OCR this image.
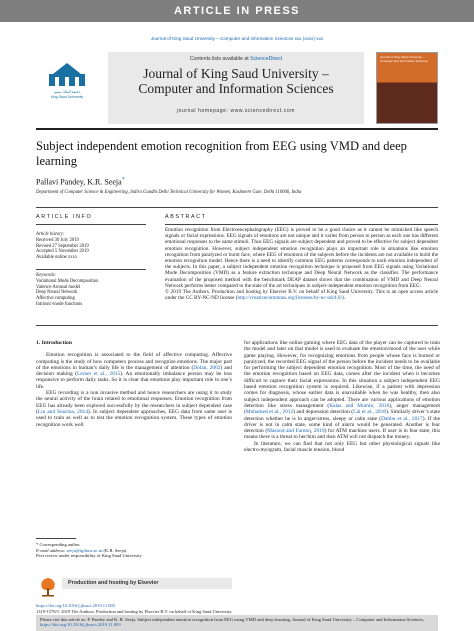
ARTICLE IN PRESS
Journal of King Saud University – Computer and Information Sciences xxx (xxxx) xxx
جامعة الملك سعود
King Saud University
Contents lists available at ScienceDirect
Journal of King Saud University –
Computer and Information Sciences
journal homepage: www.sciencedirect.com
Journal of King Saud University – Computer and Information Sciences
Subject independent emotion recognition from EEG using VMD and deep learning
Pallavi Pandey, K.R. Seeja*
Department of Computer Science & Engineering, Indira Gandhi Delhi Technical University for Women, Kashmere Gate, Delhi 110006, India
ARTICLE INFO	ABSTRACT
Article history:
Received 30 July 2019
Revised 27 September 2019
Accepted 5 November 2019
Available online xxxx
Keywords:
Variational Mode Decomposition
Valence-Arousal model
Deep Neural Network
Affective computing
Intrinsic-mode functions
Emotion recognition from Electroencephalography (EEG) is proved to be a good choice as it cannot be mimicked like speech signals or facial expressions. EEG signals of emotions are not unique and it varies from person to person as each one has different emotional responses to the same stimuli. Thus EEG signals are subject dependent and proved to be effective for subject dependent emotion recognition. However, subject independent emotion recognition plays an important role in situations like emotion recognition from paralyzed or burnt face, where EEG of emotions of the subjects before the incidents are not available to build the emotion recognition model. Hence there is a need to identify common EEG patterns corresponds to each emotion independent of the subjects. In this paper, a subject independent emotion recognition technique is proposed from EEG signals using Variational Mode Decomposition (VMD) as a feature extraction technique and Deep Neural Network as the classifier. The performance evaluation of the proposed method with the benchmark DEAP dataset shows that the combination of VMD and Deep Neural Network performs better compared to the state of the art techniques in subject-independent emotion recognition from EEG.
© 2019 The Authors. Production and hosting by Elsevier B.V. on behalf of King Saud University. This is an open access article under the CC BY-NC-ND license (http://creativecommons.org/licenses/by-nc-nd/4.0/).
1. Introduction

Emotion recognition is associated to the field of affective computing. Affective computing is the study of how computers process and recognize emotions. The major part of the emotions in human’s daily life is the management of attention (Dolan, 2002) and decision making (Lerner et al., 2015). An emotionally imbalance person may be less responsive to perform daily tasks. So it is clear that emotions play important role in one’s life.

EEG recording is a non invasive method and hence researchers are using it to study the neural activity of the brain related to emotional responses. Emotion recognition from EEG has already been explored successfully by the researchers in subject dependent case (Liu and Sourina, 2014). In subject dependent approaches, EEG data from same user is used to train as well as to test the emotion recognition system. These types of emotion recognition work well

for applications like online gaming where EEG data of the player can be captured to train the model and later on that model is used to evaluate the emotion/mood of the user while game playing. However, for recognizing emotions from people whose face is burned or paralyzed, the recorded EEG signal of the person before the incident needs to be available for performing the subject dependent emotion recognition. Most of the time, the need of the emotion recognition based on EEG data, comes after the incident when it becomes difficult to capture their facial expressions. In this situation a subject independent EEG based emotion recognition system is required. Likewise, if a patient with depression comes for diagnosis, whose earlier data is unavailable when he was healthy, then also subject independent approach can be adopted. There are various applications of emotion detection like stress management (Kalas and Momin, 2016), anger management (Mohamed et al., 2012) and depression detection (Cai et al., 2018). Similarly driver’s state detection whether he is in anger/stress, sleepy or calm state (Dabbu et al., 2017). If the driver is not in calm state, some kind of alarm would be generated. Another is fear detection (Masood and Farooq, 2019) for ATM machine users. If user is in fear state, this means there is a threat to her/him and then ATM will not dispatch the money.

In literature, we can find that not only EEG but other physiological signals like electro-myogram, facial muscle tension, blood

* Corresponding author.
E-mail address: seeja@igdtuw.ac.in (K.R. Seeja).
Peer review under responsibility of King Saud University.
Production and hosting by Elsevier
https://doi.org/10.1016/j.jksuci.2019.11.003
1319-1578/© 2019 The Authors. Production and hosting by Elsevier B.V. on behalf of King Saud University.
Please cite this article as: P. Pandey and K. R. Seeja, Subject independent emotion recognition from EEG using VMD and deep learning, Journal of King Saud University – Computer and Information Sciences, https://doi.org/10.1016/j.jksuci.2019.11.003
